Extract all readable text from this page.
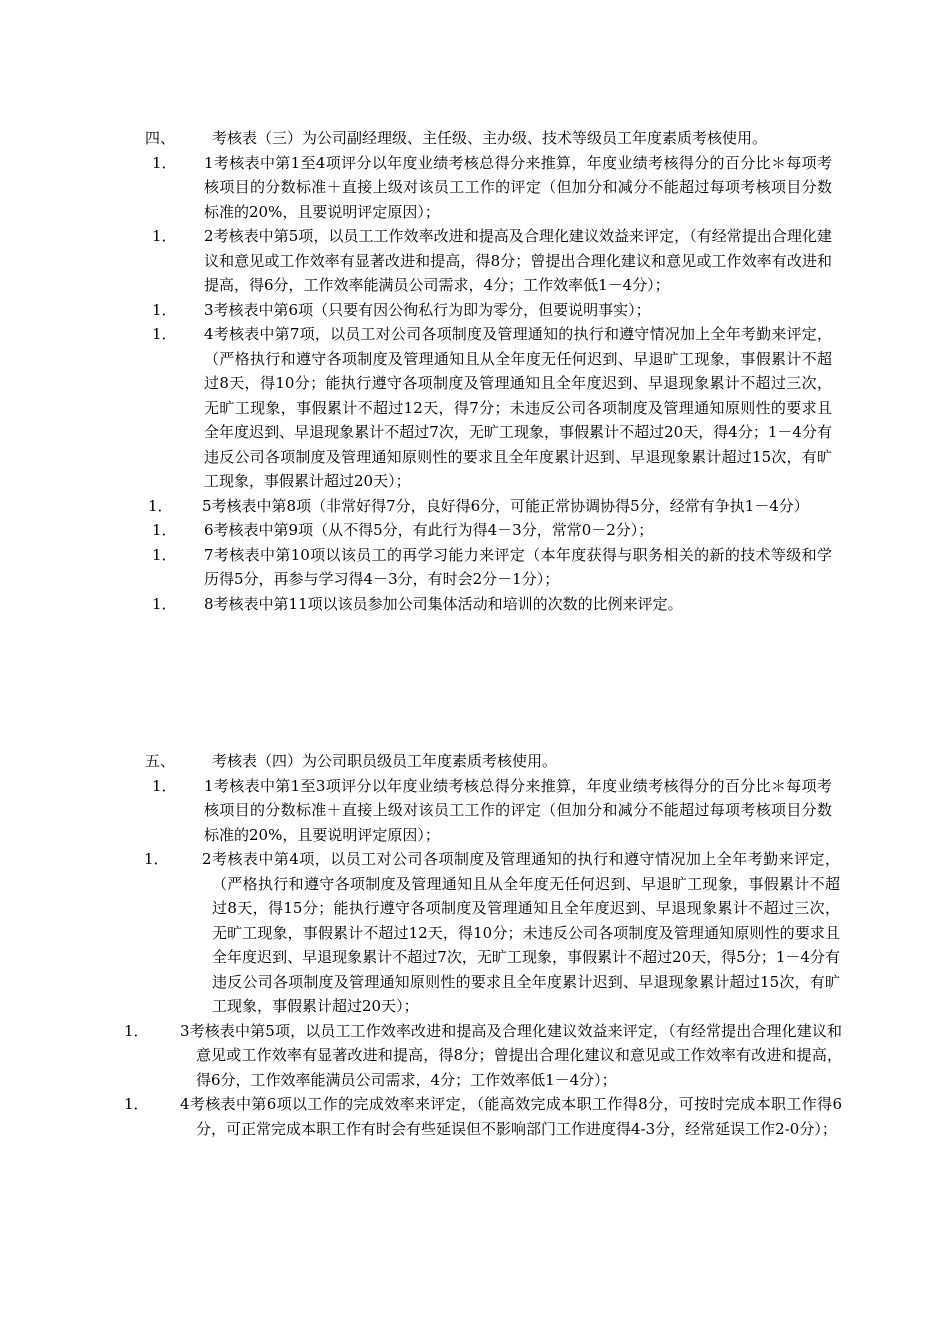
四、 考核表（三）为公司副经理级、主任级、主办级、技术等级员工年度素质考核使用。
1． 1考核表中第1至4项评分以年度业绩考核总得分来推算，年度业绩考核得分的百分比＊每项考核项目的分数标准＋直接上级对该员工工作的评定（但加分和减分不能超过每项考核项目分数标准的20%，且要说明评定原因）；
1． 2考核表中第5项，以员工工作效率改进和提高及合理化建议效益来评定，（有经常提出合理化建议和意见或工作效率有显著改进和提高，得8分；曾提出合理化建议和意见或工作效率有改进和提高，得6分，工作效率能满员公司需求，4分；工作效率低1－4分）；
1． 3考核表中第6项（只要有因公徇私行为即为零分，但要说明事实）；
1． 4考核表中第7项，以员工对公司各项制度及管理通知的执行和遵守情况加上全年考勤来评定，（严格执行和遵守各项制度及管理通知且从全年度无任何迟到、早退旷工现象，事假累计不超过8天，得10分；能执行遵守各项制度及管理通知且全年度迟到、早退现象累计不超过三次，无旷工现象，事假累计不超过12天，得7分；未违反公司各项制度及管理通知原则性的要求且全年度迟到、早退现象累计不超过7次，无旷工现象，事假累计不超过20天，得4分；1－4分有违反公司各项制度及管理通知原则性的要求且全年度累计迟到、早退现象累计超过15次，有旷工现象，事假累计超过20天）；
1． 5考核表中第8项（非常好得7分，良好得6分，可能正常协调协得5分，经常有争执1－4分）
1． 6考核表中第9项（从不得5分，有此行为得4－3分，常常0－2分）；
1． 7考核表中第10项以该员工的再学习能力来评定（本年度获得与职务相关的新的技术等级和学历得5分，再参与学习得4－3分，有时会2分－1分）；
1． 8考核表中第11项以该员参加公司集体活动和培训的次数的比例来评定。
五、 考核表（四）为公司职员级员工年度素质考核使用。
1． 1考核表中第1至3项评分以年度业绩考核总得分来推算，年度业绩考核得分的百分比＊每项考核项目的分数标准＋直接上级对该员工工作的评定（但加分和减分不能超过每项考核项目分数标准的20%，且要说明评定原因）；
1． 2考核表中第4项，以员工对公司各项制度及管理通知的执行和遵守情况加上全年考勤来评定，（严格执行和遵守各项制度及管理通知且从全年度无任何迟到、早退旷工现象，事假累计不超过8天，得15分；能执行遵守各项制度及管理通知且全年度迟到、早退现象累计不超过三次，无旷工现象，事假累计不超过12天，得10分；未违反公司各项制度及管理通知原则性的要求且全年度迟到、早退现象累计不超过7次，无旷工现象，事假累计不超过20天，得5分；1－4分有违反公司各项制度及管理通知原则性的要求且全年度累计迟到、早退现象累计超过15次，有旷工现象，事假累计超过20天）；
1． 3考核表中第5项，以员工工作效率改进和提高及合理化建议效益来评定，（有经常提出合理化建议和意见或工作效率有显著改进和提高，得8分；曾提出合理化建议和意见或工作效率有改进和提高，得6分，工作效率能满员公司需求，4分；工作效率低1－4分）；
1． 4考核表中第6项以工作的完成效率来评定，（能高效完成本职工作得8分，可按时完成本职工作得6分，可正常完成本职工作有时会有些延误但不影响部门工作进度得4-3分，经常延误工作2-0分）；
